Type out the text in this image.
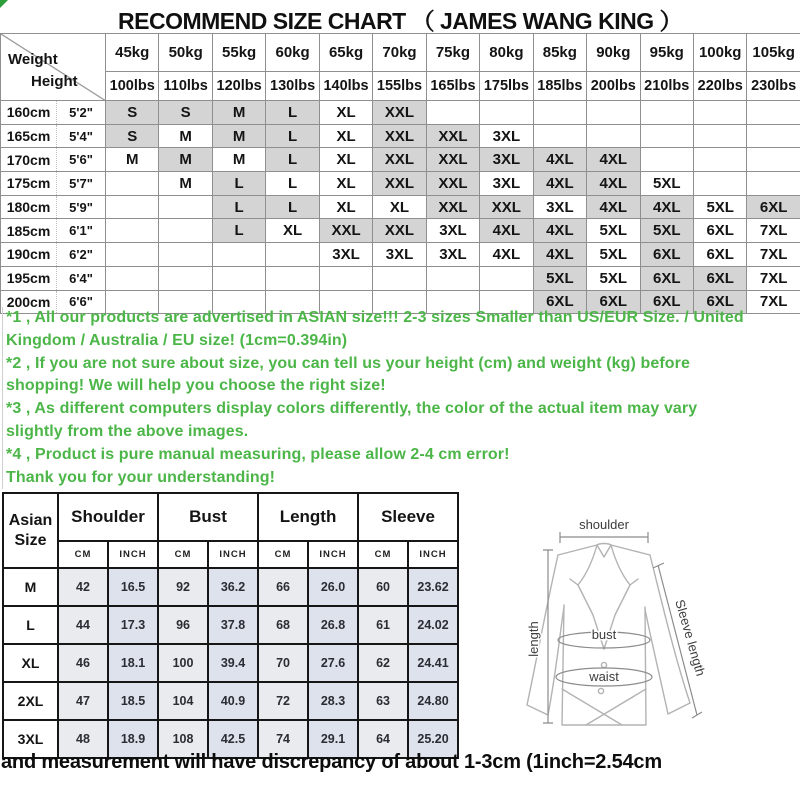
RECOMMEND SIZE CHART （ JAMES WANG KING ）
Weight
Height		45kg	50kg	55kg	60kg	65kg	70kg	75kg	80kg	85kg	90kg	95kg	100kg	105kg
		100lbs	110lbs	120lbs	130lbs	140lbs	155lbs	165lbs	175lbs	185lbs	200lbs	210lbs	220lbs	230lbs
160cm	5'2"	S	S	M	L	XL	XXL							
165cm	5'4"	S	M	M	L	XL	XXL	XXL	3XL					
170cm	5'6"	M	M	M	L	XL	XXL	XXL	3XL	4XL	4XL			
175cm	5'7"		M	L	L	XL	XXL	XXL	3XL	4XL	4XL	5XL		
180cm	5'9"			L	L	XL	XL	XXL	XXL	3XL	4XL	4XL	5XL	6XL
185cm	6'1"			L	XL	XXL	XXL	3XL	4XL	4XL	5XL	5XL	6XL	7XL
190cm	6'2"					3XL	3XL	3XL	4XL	4XL	5XL	6XL	6XL	7XL
195cm	6'4"									5XL	5XL	6XL	6XL	7XL
200cm	6'6"									6XL	6XL	6XL	6XL	7XL
*1 , All our products are advertised in ASIAN size!!! 2-3 sizes Smaller than US/EUR Size. / United
Kingdom / Australia / EU size! (1cm=0.394in)
*2 , If you are not sure about size, you can tell us your height (cm) and weight (kg) before
shopping! We will help you choose the right size!
*3 , As different computers display colors differently, the color of the actual item may vary
slightly from the above images.
*4 , Product is pure manual measuring, please allow 2-4 cm error!
Thank you for your understanding!
Asian
Size	Shoulder		Bust		Length		Sleeve	
	CM	INCH	CM	INCH	CM	INCH	CM	INCH
M	42	16.5	92	36.2	66	26.0	60	23.62
L	44	17.3	96	37.8	68	26.8	61	24.02
XL	46	18.1	100	39.4	70	27.6	62	24.41
2XL	47	18.5	104	40.9	72	28.3	63	24.80
3XL	48	18.9	108	42.5	74	29.1	64	25.20
shoulder
length	bust
waist	Sleeve length
and measurement will have discrepancy of about 1-3cm (1inch=2.54cm
